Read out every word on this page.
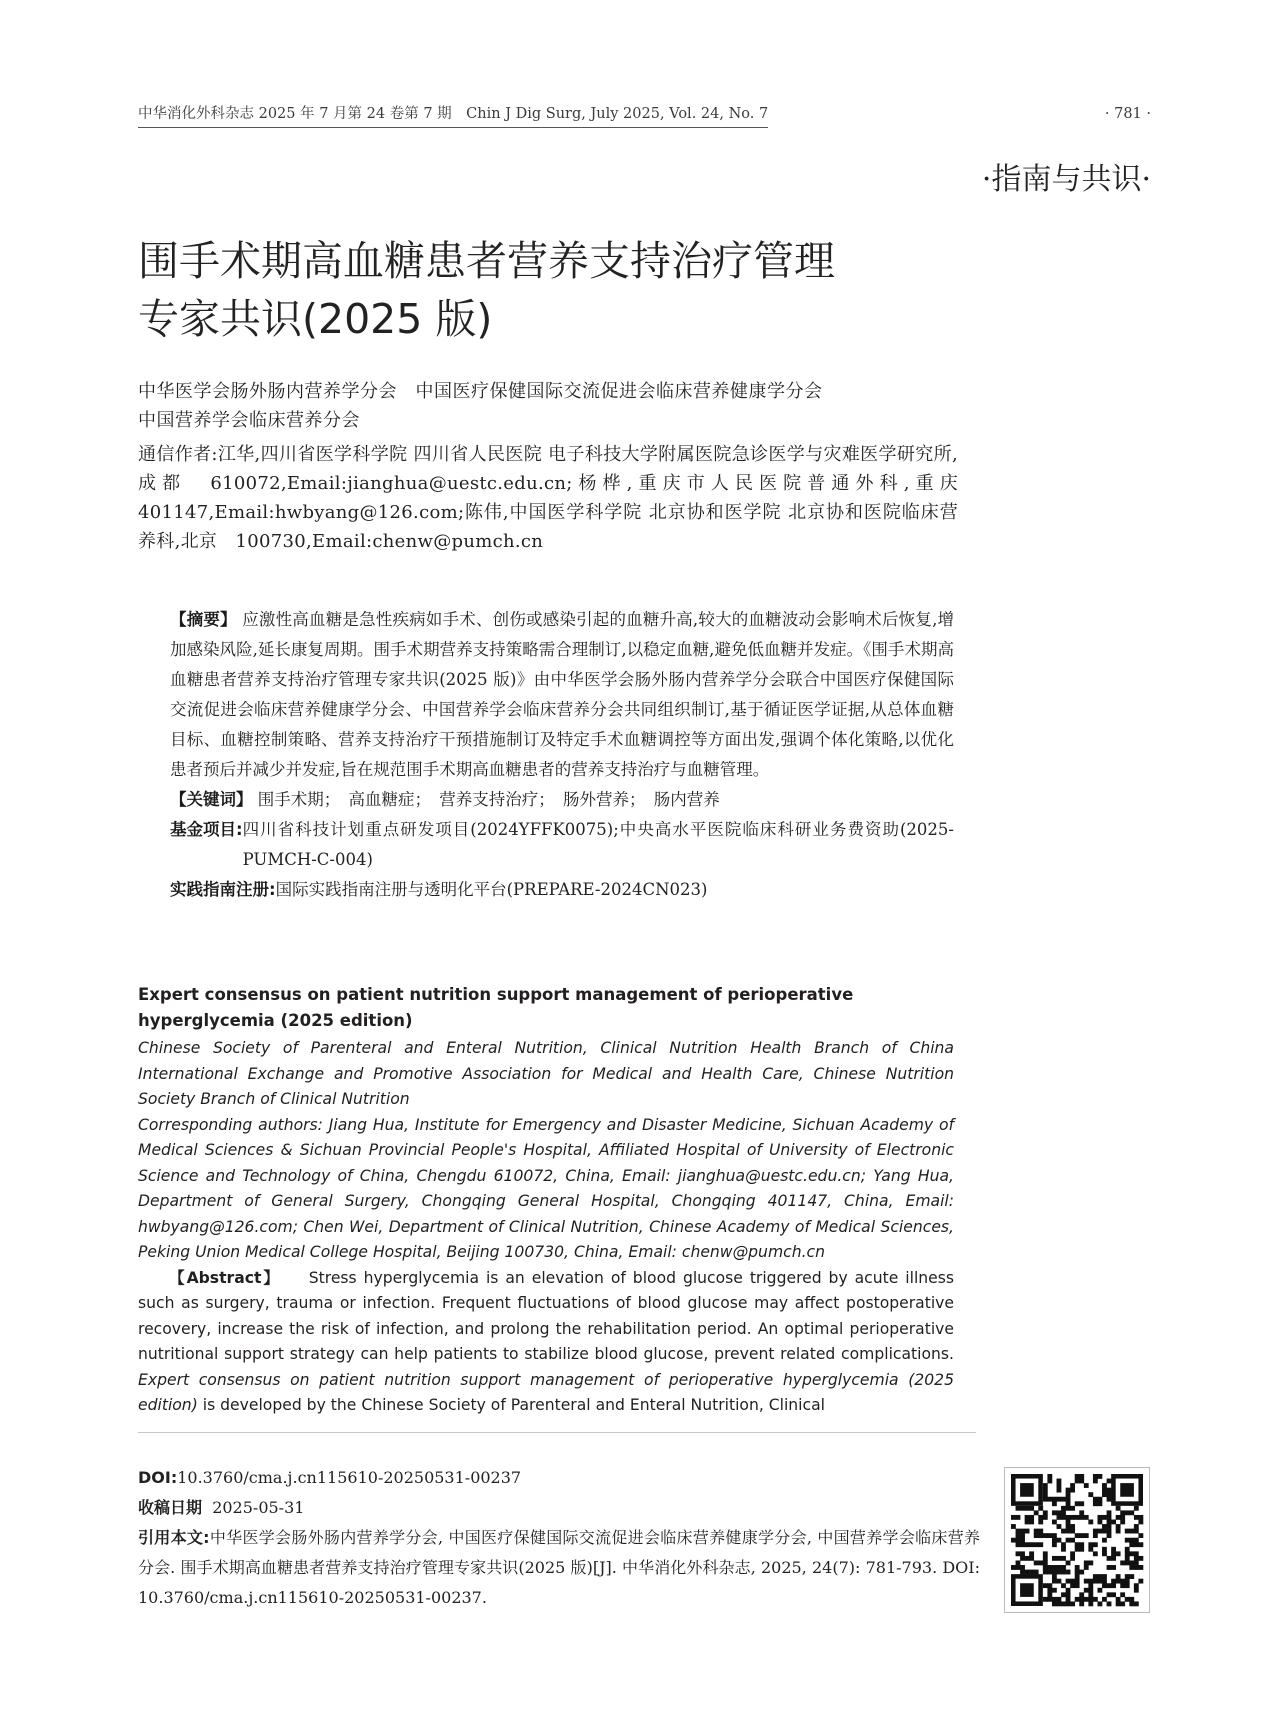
中华消化外科杂志 2025 年 7 月第 24 卷第 7 期　Chin J Dig Surg, July 2025, Vol. 24, No. 7	· 781 ·
·指南与共识·
围手术期高血糖患者营养支持治疗管理
专家共识(2025 版)
中华医学会肠外肠内营养学分会　中国医疗保健国际交流促进会临床营养健康学分会
中国营养学会临床营养分会
通信作者:江华,四川省医学科学院 四川省人民医院 电子科技大学附属医院急诊医学与灾难医学研究所,成都　610072,Email:jianghua@uestc.edu.cn;杨桦,重庆市人民医院普通外科,重庆　401147,Email:hwbyang@126.com;陈伟,中国医学科学院 北京协和医学院 北京协和医院临床营养科,北京　100730,Email:chenw@pumch.cn

【摘要】 应激性高血糖是急性疾病如手术、创伤或感染引起的血糖升高,较大的血糖波动会影响术后恢复,增加感染风险,延长康复周期。围手术期营养支持策略需合理制订,以稳定血糖,避免低血糖并发症。《围手术期高血糖患者营养支持治疗管理专家共识(2025 版)》由中华医学会肠外肠内营养学分会联合中国医疗保健国际交流促进会临床营养健康学分会、中国营养学会临床营养分会共同组织制订,基于循证医学证据,从总体血糖目标、血糖控制策略、营养支持治疗干预措施制订及特定手术血糖调控等方面出发,强调个体化策略,以优化患者预后并减少并发症,旨在规范围手术期高血糖患者的营养支持治疗与血糖管理。

【关键词】 围手术期；　高血糖症；　营养支持治疗；　肠外营养；　肠内营养

基金项目: 四川省科技计划重点研发项目(2024YFFK0075);中央高水平医院临床科研业务费资助(2025-PUMCH-C-004)
实践指南注册: 国际实践指南注册与透明化平台(PREPARE-2024CN023)

Expert consensus on patient nutrition support management of perioperative hyperglycemia (2025 edition)

Chinese Society of Parenteral and Enteral Nutrition, Clinical Nutrition Health Branch of China International Exchange and Promotive Association for Medical and Health Care, Chinese Nutrition Society Branch of Clinical Nutrition

Corresponding authors: Jiang Hua, Institute for Emergency and Disaster Medicine, Sichuan Academy of Medical Sciences & Sichuan Provincial People's Hospital, Affiliated Hospital of University of Electronic Science and Technology of China, Chengdu 610072, China, Email: jianghua@uestc.edu.cn; Yang Hua, Department of General Surgery, Chongqing General Hospital, Chongqing 401147, China, Email: hwbyang@126.com; Chen Wei, Department of Clinical Nutrition, Chinese Academy of Medical Sciences, Peking Union Medical College Hospital, Beijing 100730, China, Email: chenw@pumch.cn

【Abstract】 Stress hyperglycemia is an elevation of blood glucose triggered by acute illness such as surgery, trauma or infection. Frequent fluctuations of blood glucose may affect postoperative recovery, increase the risk of infection, and prolong the rehabilitation period. An optimal perioperative nutritional support strategy can help patients to stabilize blood glucose, prevent related complications. Expert consensus on patient nutrition support management of perioperative hyperglycemia (2025 edition) is developed by the Chinese Society of Parenteral and Enteral Nutrition, Clinical

DOI:10.3760/cma.j.cn115610-20250531-00237

收稿日期 2025-05-31

引用本文:中华医学会肠外肠内营养学分会, 中国医疗保健国际交流促进会临床营养健康学分会, 中国营养学会临床营养分会. 围手术期高血糖患者营养支持治疗管理专家共识(2025 版)[J]. 中华消化外科杂志, 2025, 24(7): 781-793. DOI: 10.3760/cma.j.cn115610-20250531-00237.
